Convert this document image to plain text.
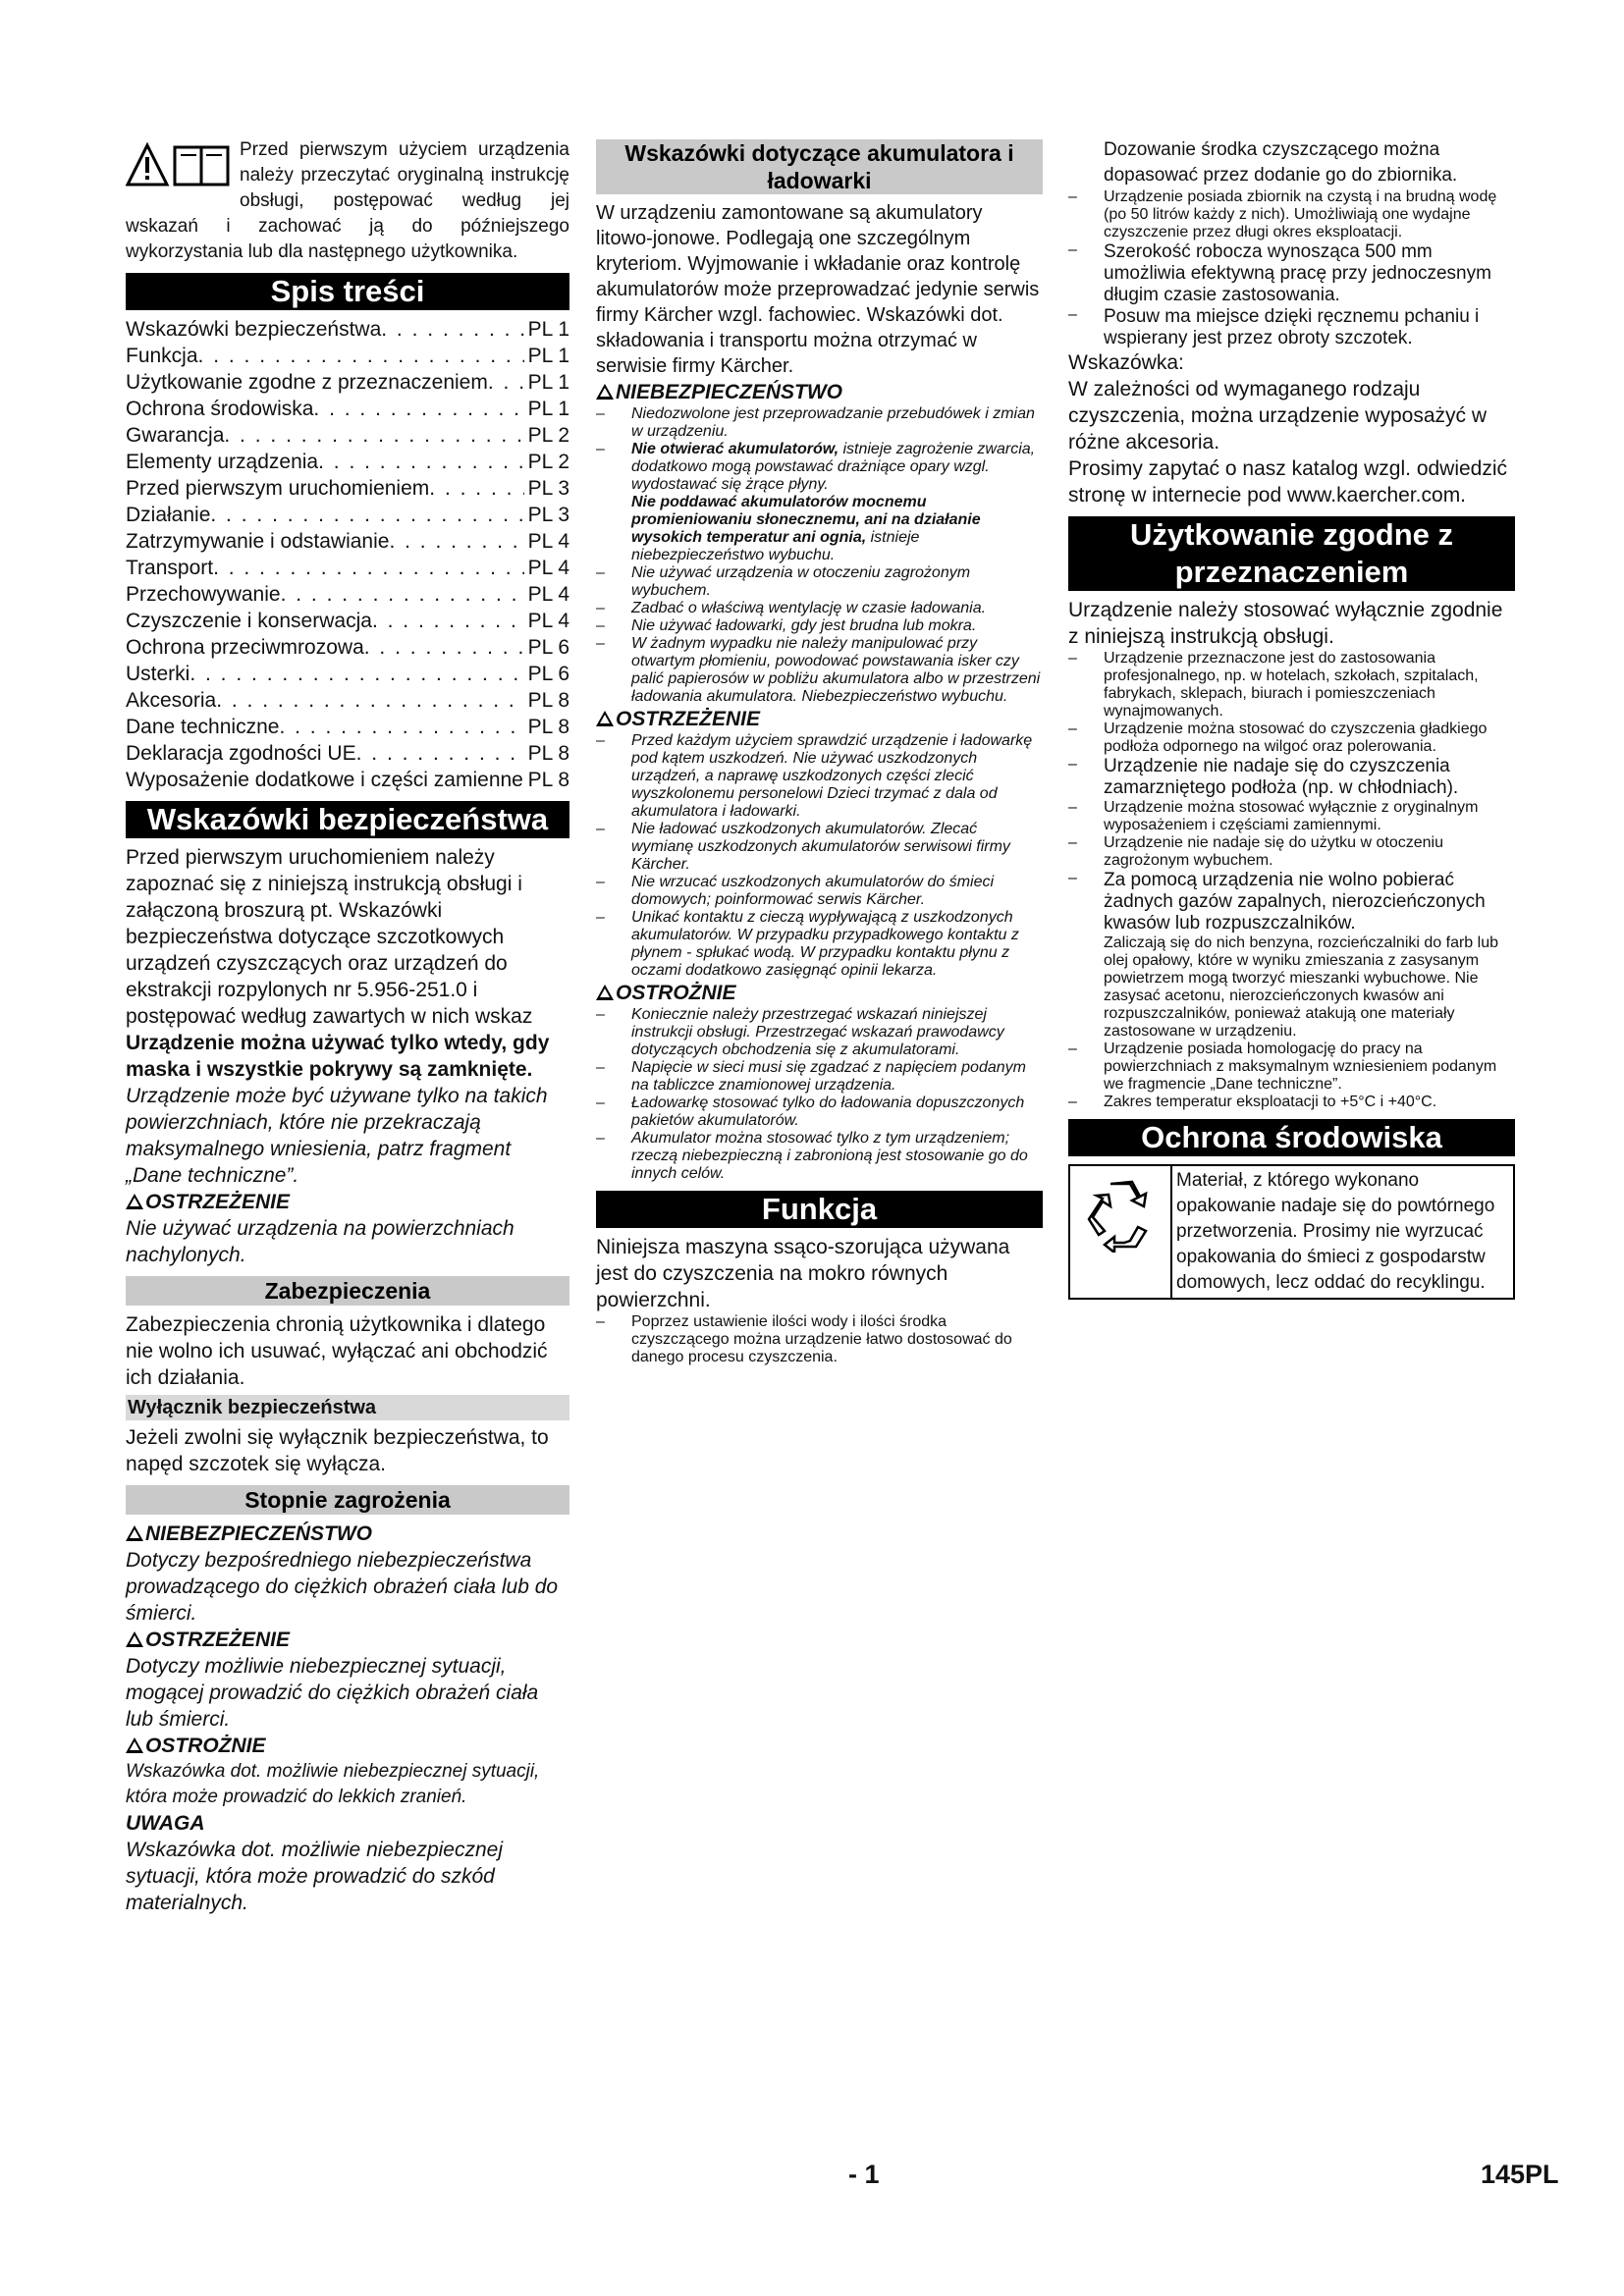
Przed pierwszym użyciem urządzenia należy przeczytać oryginalną instrukcję obsługi, postępować według jej wskazań i zachować ją do późniejszego wykorzystania lub dla następnego użytkownika.

Spis treści
Wskazówki bezpieczeństwa . . .	PL 1
Funkcja . . .	PL 1
Użytkowanie zgodne z przeznaczeniem . . . PL 1
Ochrona środowiska . . .	PL 1
Gwarancja . . .	PL 2
Elementy urządzenia . . .	PL 2
Przed pierwszym uruchomieniem . . .	PL 3
Działanie . . .	PL 3
Zatrzymywanie i odstawianie . . .	PL 4
Transport . . .	PL 4
Przechowywanie . . .	PL 4
Czyszczenie i konserwacja . . .	PL 4
Ochrona przeciwmrozowa . . .	PL 6
Usterki . . .	PL 6
Akcesoria . . .	PL 8
Dane techniczne . . .	PL 8
Deklaracja zgodności UE . . .	PL 8
Wyposażenie dodatkowe i części zamienne . . . PL 8
Wskazówki bezpieczeństwa

Przed pierwszym uruchomieniem należy zapoznać się z niniejszą instrukcją obsługi i załączoną broszurą pt. Wskazówki bezpieczeństwa dotyczące szczotkowych urządzeń czyszczących oraz urządzeń do ekstrakcji rozpylonych nr 5.956-251.0 i postępować według zawartych w nich wskaz Urządzenie można używać tylko wtedy, gdy maska i wszystkie pokrywy są zamknięte.

Urządzenie może być używane tylko na takich powierzchniach, które nie przekraczają maksymalnego wniesienia, patrz fragment „Dane techniczne”.

OSTRZEŻENIE

Nie używać urządzenia na powierzchniach nachylonych.

Zabezpieczenia

Zabezpieczenia chronią użytkownika i dlatego nie wolno ich usuwać, wyłączać ani obchodzić ich działania.

Wyłącznik bezpieczeństwa

Jeżeli zwolni się wyłącznik bezpieczeństwa, to napęd szczotek się wyłącza.

Stopnie zagrożenia

NIEBEZPIECZEŃSTWO

Dotyczy bezpośredniego niebezpieczeństwa prowadzącego do ciężkich obrażeń ciała lub do śmierci.

OSTRZEŻENIE

Dotyczy możliwie niebezpiecznej sytuacji, mogącej prowadzić do ciężkich obrażeń ciała lub śmierci.

OSTROŻNIE

Wskazówka dot. możliwie niebezpiecznej sytuacji, która może prowadzić do lekkich zranień.

UWAGA

Wskazówka dot. możliwie niebezpiecznej sytuacji, która może prowadzić do szkód materialnych.

Wskazówki dotyczące akumulatora i ładowarki

W urządzeniu zamontowane są akumulatory litowo-jonowe. Podlegają one szczególnym kryteriom. Wyjmowanie i wkładanie oraz kontrolę akumulatorów może przeprowadzać jedynie serwis firmy Kärcher wzgl. fachowiec. Wskazówki dot. składowania i transportu można otrzymać w serwisie firmy Kärcher.

NIEBEZPIECZEŃSTWO

–	Niedozwolone jest przeprowadzanie przebudówek i zmian w urządzeniu.
–	Nie otwierać akumulatorów, istnieje zagrożenie zwarcia, dodatkowo mogą powstawać drażniące opary wzgl. wydostawać się żrące płyny.
Nie poddawać akumulatorów mocnemu promieniowaniu słonecznemu, ani na działanie wysokich temperatur ani ognia, istnieje niebezpieczeństwo wybuchu.
–	Nie używać urządzenia w otoczeniu zagrożonym wybuchem.
–	Zadbać o właściwą wentylację w czasie ładowania.
–	Nie używać ładowarki, gdy jest brudna lub mokra.
–	W żadnym wypadku nie należy manipulować przy otwartym płomieniu, powodować powstawania isker czy palić papierosów w pobliżu akumulatora albo w przestrzeni ładowania akumulatora. Niebezpieczeństwo wybuchu.

OSTRZEŻENIE

–	Przed każdym użyciem sprawdzić urządzenie i ładowarkę pod kątem uszkodzeń. Nie używać uszkodzonych urządzeń, a naprawę uszkodzonych części zlecić wyszkolonemu personelowi Dzieci trzymać z dala od akumulatora i ładowarki.
–	Nie ładować uszkodzonych akumulatorów. Zlecać wymianę uszkodzonych akumulatorów serwisowi firmy Kärcher.
–	Nie wrzucać uszkodzonych akumulatorów do śmieci domowych; poinformować serwis Kärcher.
–	Unikać kontaktu z cieczą wypływającą z uszkodzonych akumulatorów. W przypadku przypadkowego kontaktu z płynem - spłukać wodą. W przypadku kontaktu płynu z oczami dodatkowo zasięgnąć opinii lekarza.

OSTROŻNIE

–	Koniecznie należy przestrzegać wskazań niniejszej instrukcji obsługi. Przestrzegać wskazań prawodawcy dotyczących obchodzenia się z akumulatorami.
–	Napięcie w sieci musi się zgadzać z napięciem podanym na tabliczce znamionowej urządzenia.
–	Ładowarkę stosować tylko do ładowania dopuszczonych pakietów akumulatorów.
–	Akumulator można stosować tylko z tym urządzeniem; rzeczą niebezpieczną i zabronioną jest stosowanie go do innych celów.
Funkcja

Niniejsza maszyna ssąco-szorująca używana jest do czyszczenia na mokro równych powierzchni.

–	Poprzez ustawienie ilości wody i ilości środka czyszczącego można urządzenie łatwo dostosować do danego procesu czyszczenia.
Dozowanie środka czyszczącego można dopasować przez dodanie go do zbiornika.
–	Urządzenie posiada zbiornik na czystą i na brudną wodę (po 50 litrów każdy z nich). Umożliwiają one wydajne czyszczenie przez długi okres eksploatacji.
–	Szerokość robocza wynosząca 500 mm umożliwia efektywną pracę przy jednoczesnym długim czasie zastosowania.
–	Posuw ma miejsce dzięki ręcznemu pchaniu i wspierany jest przez obroty szczotek.

Wskazówka:

W zależności od wymaganego rodzaju czyszczenia, można urządzenie wyposażyć w różne akcesoria.

Prosimy zapytać o nasz katalog wzgl. odwiedzić stronę w internecie pod www.kaercher.com.

Użytkowanie zgodne z przeznaczeniem

Urządzenie należy stosować wyłącznie zgodnie z niniejszą instrukcją obsługi.

–	Urządzenie przeznaczone jest do zastosowania profesjonalnego, np. w hotelach, szkołach, szpitalach, fabrykach, sklepach, biurach i pomieszczeniach wynajmowanych.
–	Urządzenie można stosować do czyszczenia gładkiego podłoża odpornego na wilgoć oraz polerowania.
–	Urządzenie nie nadaje się do czyszczenia zamarzniętego podłoża (np. w chłodniach).
–	Urządzenie można stosować wyłącznie z oryginalnym wyposażeniem i częściami zamiennymi.
–	Urządzenie nie nadaje się do użytku w otoczeniu zagrożonym wybuchem.
–	Za pomocą urządzenia nie wolno pobierać żadnych gazów zapalnych, nierozcieńczonych kwasów lub rozpuszczalników.
Zaliczają się do nich benzyna, rozcieńczalniki do farb lub olej opałowy, które w wyniku zmieszania z zasysanym powietrzem mogą tworzyć mieszanki wybuchowe. Nie zasysać acetonu, nierozcieńczonych kwasów ani rozpuszczalników, ponieważ atakują one materiały zastosowane w urządzeniu.
–	Urządzenie posiada homologację do pracy na powierzchniach z maksymalnym wzniesieniem podanym we fragmencie „Dane techniczne”.
–	Zakres temperatur eksploatacji to +5°C i +40°C.
Ochrona środowiska
Materiał, z którego wykonano opakowanie nadaje się do powtórnego przetworzenia. Prosimy nie wyrzucać opakowania do śmieci z gospodarstw domowych, lecz oddać do recyklingu.
- 1	145PL
